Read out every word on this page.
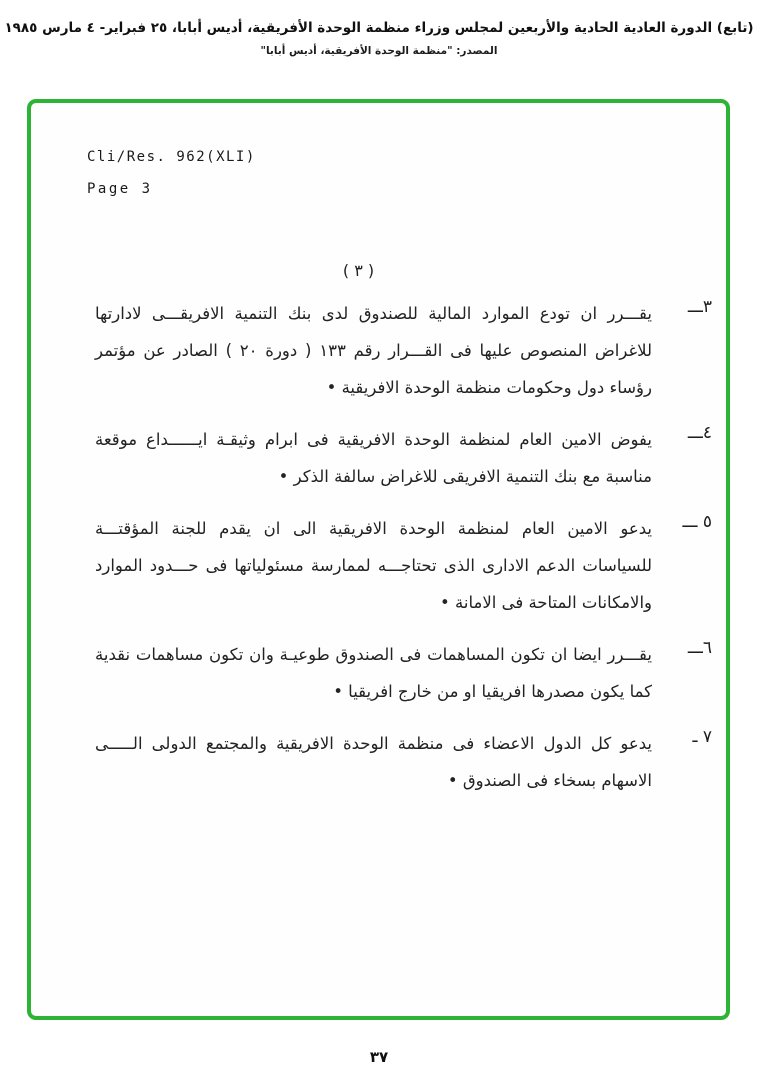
(تابع) الدورة العادية الحادية والأربعين لمجلس وزراء منظمة الوحدة الأفريقية، أديس أبابا، ٢٥ فبراير- ٤ مارس ١٩٨٥
المصدر: "منظمة الوحدة الأفريقية، أديس أبابا"
Cli/Res. 962(XLI)
Page 3
( ٣ )
٣ـــ
يقـــرر ان تودع الموارد المالية للصندوق لدى بنك التنمية الافريقـــى لادارتها للاغراض المنصوص عليها فى القـــرار رقم ١٣٣ ( دورة ٢٠ ) الصادر عن مؤتمر رؤساء دول وحكومات منظمة الوحدة الافريقية •
٤ـــ
يفوض الامين العام لمنظمة الوحدة الافريقية فى ابرام وثيقـة ايــــــداع موقعة مناسبة مع بنك التنمية الافريقى للاغراض سالفة الذكر •
٥ ـــ
يدعو الامين العام لمنظمة الوحدة الافريقية الى ان يقدم للجنة المؤقتـــة للسياسات الدعم الادارى الذى تحتاجـــه لممارسة مسئولياتها فى حـــدود الموارد والامكانات المتاحة فى الامانة •
٦ـــ
يقـــرر ايضا ان تكون المساهمات فى الصندوق طوعيـة وان تكون مساهمات نقدية كما يكون مصدرها افريقيا او من خارج افريقيا •
٧ ـ
يدعو كل الدول الاعضاء فى منظمة الوحدة الافريقية والمجتمع الدولى الـــــى الاسهام بسخاء فى الصندوق •
٣٧
